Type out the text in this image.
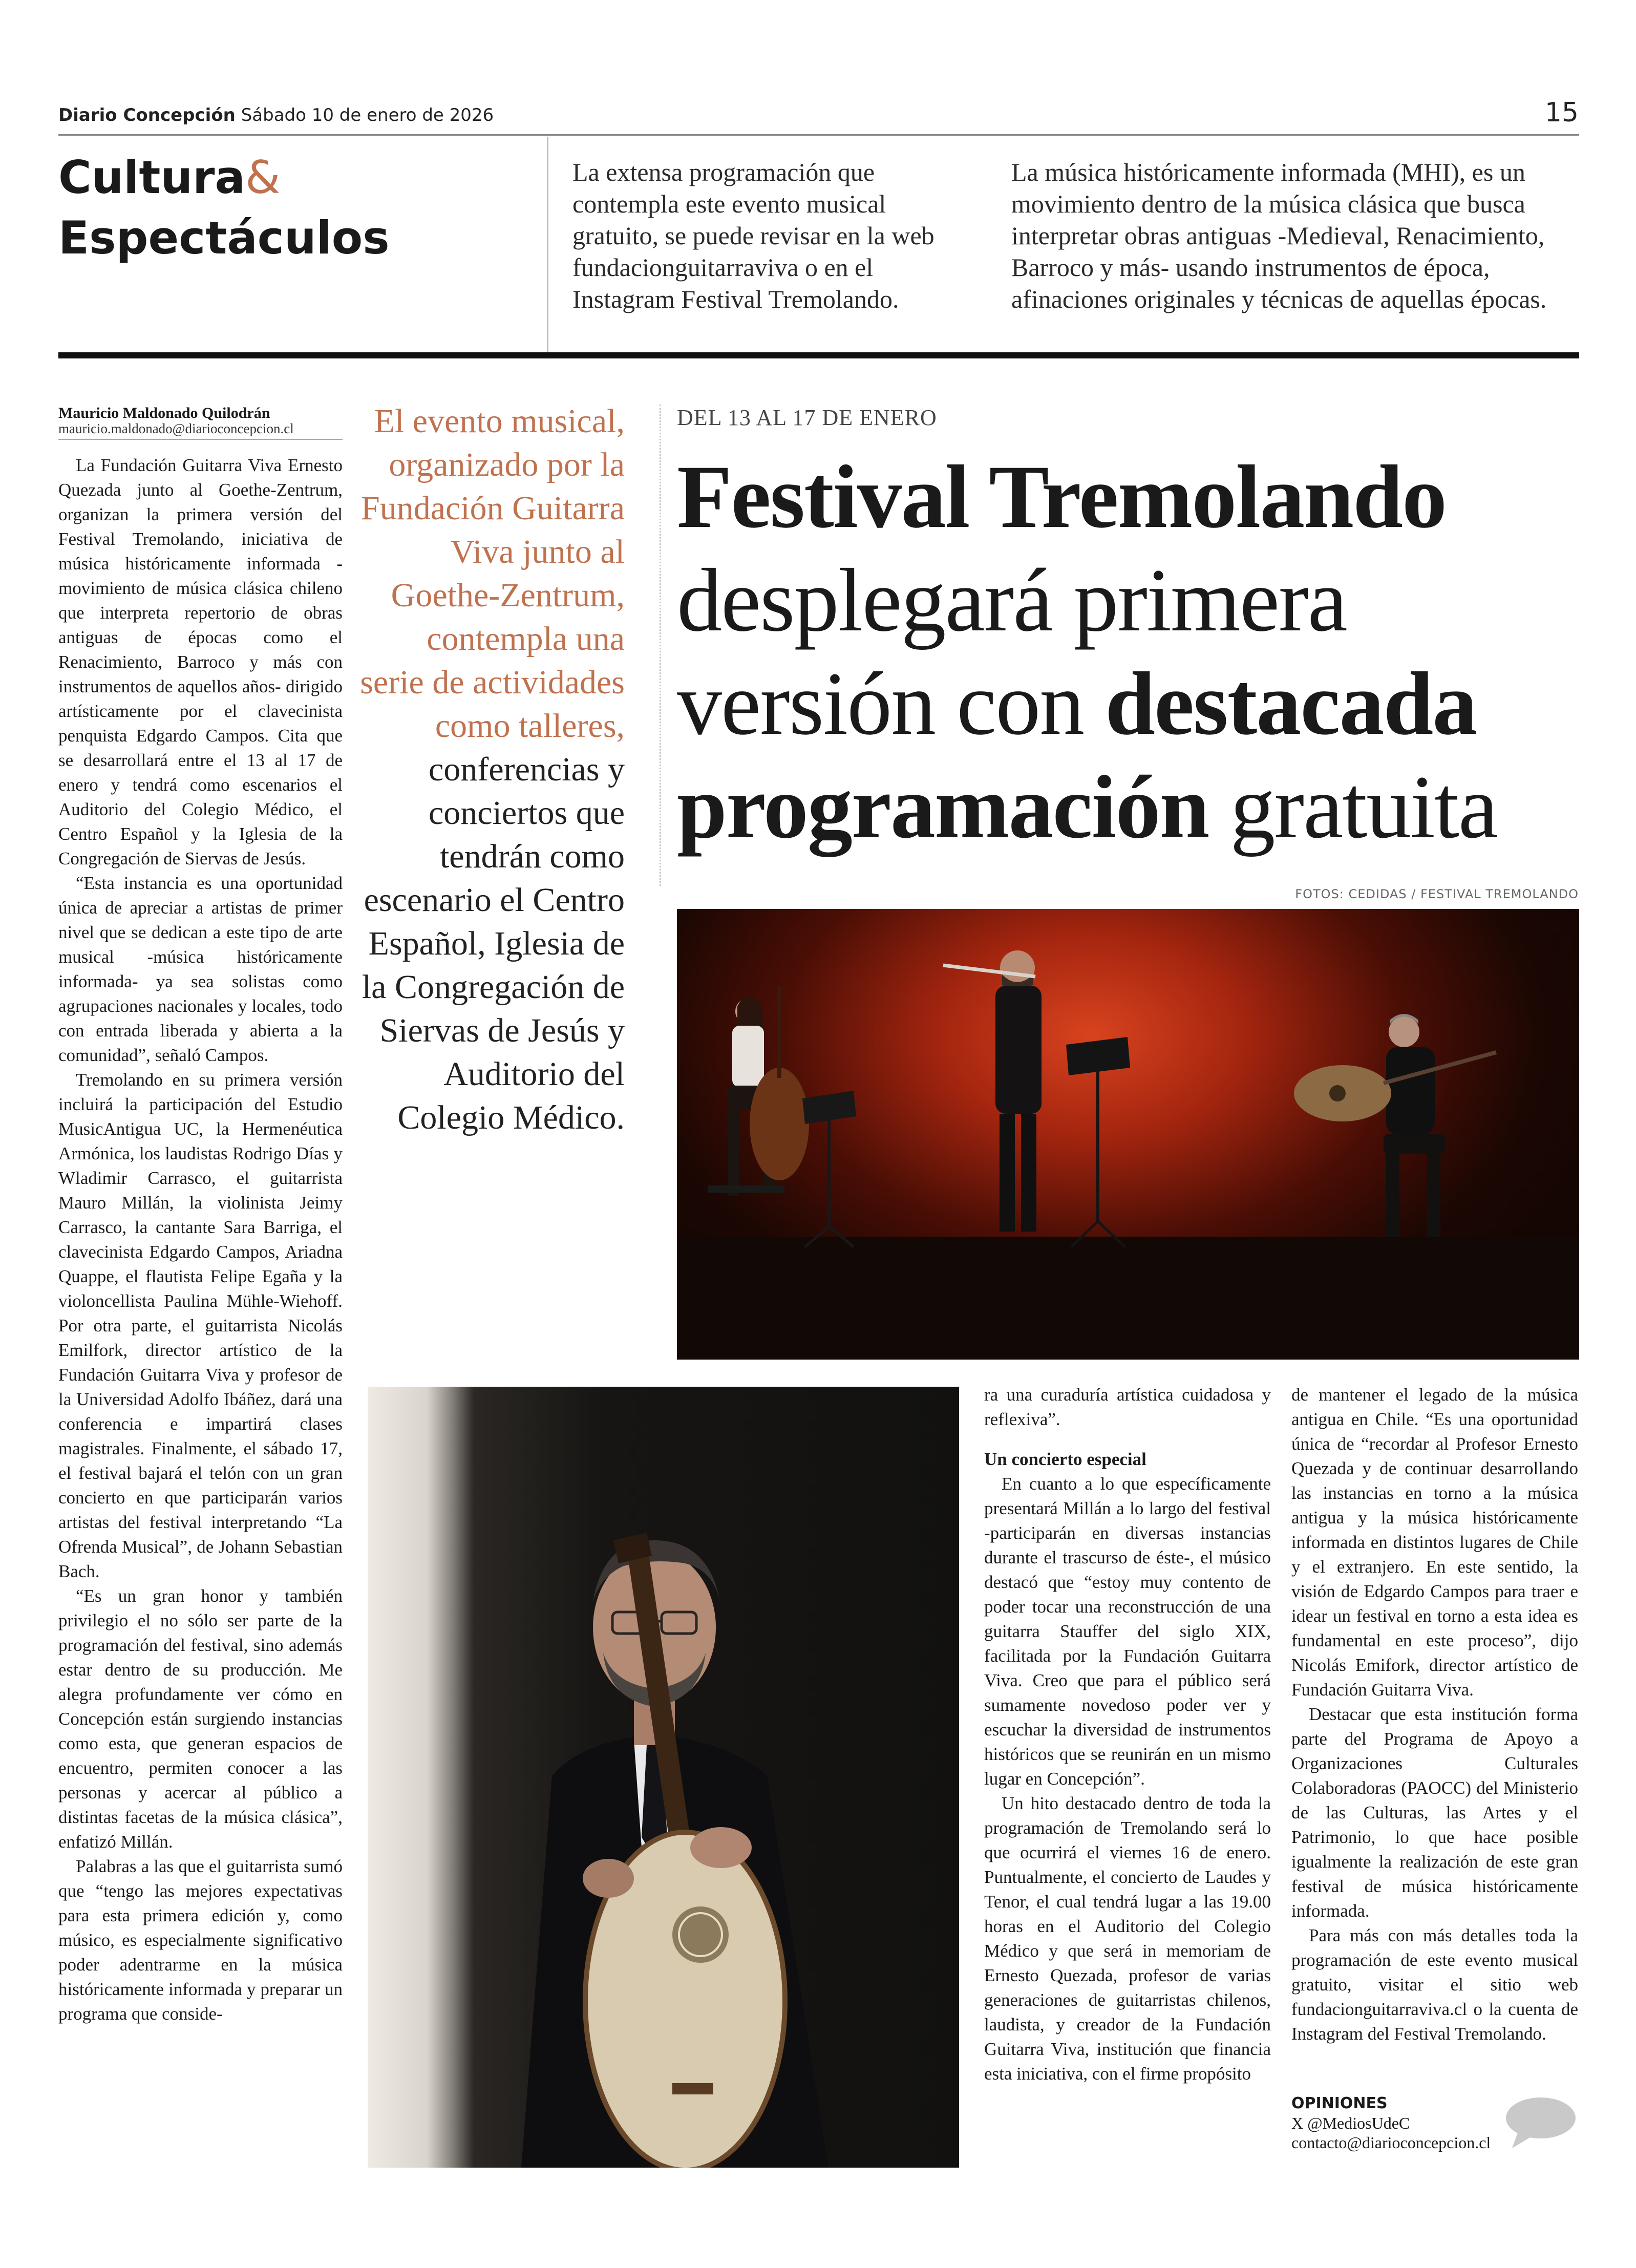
Diario Concepción Sábado 10 de enero de 2026	15
Cultura&
Espectáculos
La extensa programación que contempla este evento musical gratuito, se puede revisar en la web fundacionguitarraviva o en el Instagram Festival Tremolando.
La música históricamente informada (MHI), es un movimiento dentro de la música clásica que busca interpretar obras antiguas -Medieval, Renacimiento, Barroco y más- usando instrumentos de época, afinaciones originales y técnicas de aquellas épocas.
Mauricio Maldonado Quilodrán
mauricio.maldonado@diarioconcepcion.cl

La Fundación Guitarra Viva Ernesto Quezada junto al Goethe-Zentrum, organizan la primera versión del Festival Tremolando, iniciativa de música históricamente informada -movimiento de música clásica chileno que interpreta repertorio de obras antiguas de épocas como el Renacimiento, Barroco y más con instrumentos de aquellos años- dirigido artísticamente por el clavecinista penquista Edgardo Campos. Cita que se desarrollará entre el 13 al 17 de enero y tendrá como escenarios el Auditorio del Colegio Médico, el Centro Español y la Iglesia de la Congregación de Siervas de Jesús.

“Esta instancia es una oportunidad única de apreciar a artistas de primer nivel que se dedican a este tipo de arte musical -música históricamente informada- ya sea solistas como agrupaciones nacionales y locales, todo con entrada liberada y abierta a la comunidad”, señaló Campos.

Tremolando en su primera versión incluirá la participación del Estudio MusicAntigua UC, la Hermenéutica Armónica, los laudistas Rodrigo Días y Wladimir Carrasco, el guitarrista Mauro Millán, la violinista Jeimy Carrasco, la cantante Sara Barriga, el clavecinista Edgardo Campos, Ariadna Quappe, el flautista Felipe Egaña y la violoncellista Paulina Mühle-Wiehoff. Por otra parte, el guitarrista Nicolás Emilfork, director artístico de la Fundación Guitarra Viva y profesor de la Universidad Adolfo Ibáñez, dará una conferencia e impartirá clases magistrales. Finalmente, el sábado 17, el festival bajará el telón con un gran concierto en que participarán varios artistas del festival interpretando “La Ofrenda Musical”, de Johann Sebastian Bach.

“Es un gran honor y también privilegio el no sólo ser parte de la programación del festival, sino además estar dentro de su producción. Me alegra profundamente ver cómo en Concepción están surgiendo instancias como esta, que generan espacios de encuentro, permiten conocer a las personas y acercar al público a distintas facetas de la música clásica”, enfatizó Millán.

Palabras a las que el guitarrista sumó que “tengo las mejores expectativas para esta primera edición y, como músico, es especialmente significativo poder adentrarme en la música históricamente informada y preparar un programa que conside-

El evento musical, organizado por la Fundación Guitarra Viva junto al Goethe-Zentrum, contempla una serie de actividades como talleres, conferencias y conciertos que tendrán como escenario el Centro Español, Iglesia de la Congregación de Siervas de Jesús y Auditorio del Colegio Médico.
DEL 13 AL 17 DE ENERO
Festival Tremolando
desplegará primera versión con destacada programación gratuita
FOTOS: CEDIDAS / FESTIVAL TREMOLANDO

ra una curaduría artística cuidadosa y reflexiva”.

Un concierto especial

En cuanto a lo que específicamente presentará Millán a lo largo del festival -participarán en diversas instancias durante el trascurso de éste-, el músico destacó que “estoy muy contento de poder tocar una reconstrucción de una guitarra Stauffer del siglo XIX, facilitada por la Fundación Guitarra Viva. Creo que para el público será sumamente novedoso poder ver y escuchar la diversidad de instrumentos históricos que se reunirán en un mismo lugar en Concepción”.

Un hito destacado dentro de toda la programación de Tremolando será lo que ocurrirá el viernes 16 de enero. Puntualmente, el concierto de Laudes y Tenor, el cual tendrá lugar a las 19.00 horas en el Auditorio del Colegio Médico y que será in memoriam de Ernesto Quezada, profesor de varias generaciones de guitarristas chilenos, laudista, y creador de la Fundación Guitarra Viva, institución que financia esta iniciativa, con el firme propósito

de mantener el legado de la música antigua en Chile. “Es una oportunidad única de “recordar al Profesor Ernesto Quezada y de continuar desarrollando las instancias en torno a la música antigua y la música históricamente informada en distintos lugares de Chile y el extranjero. En este sentido, la visión de Edgardo Campos para traer e idear un festival en torno a esta idea es fundamental en este proceso”, dijo Nicolás Emifork, director artístico de Fundación Guitarra Viva.

Destacar que esta institución forma parte del Programa de Apoyo a Organizaciones Culturales Colaboradoras (PAOCC) del Ministerio de las Culturas, las Artes y el Patrimonio, lo que hace posible igualmente la realización de este gran festival de música históricamente informada.

Para más con más detalles toda la programación de este evento musical gratuito, visitar el sitio web fundacionguitarraviva.cl o la cuenta de Instagram del Festival Tremolando.

OPINIONES
X @MediosUdeC
contacto@diarioconcepcion.cl
